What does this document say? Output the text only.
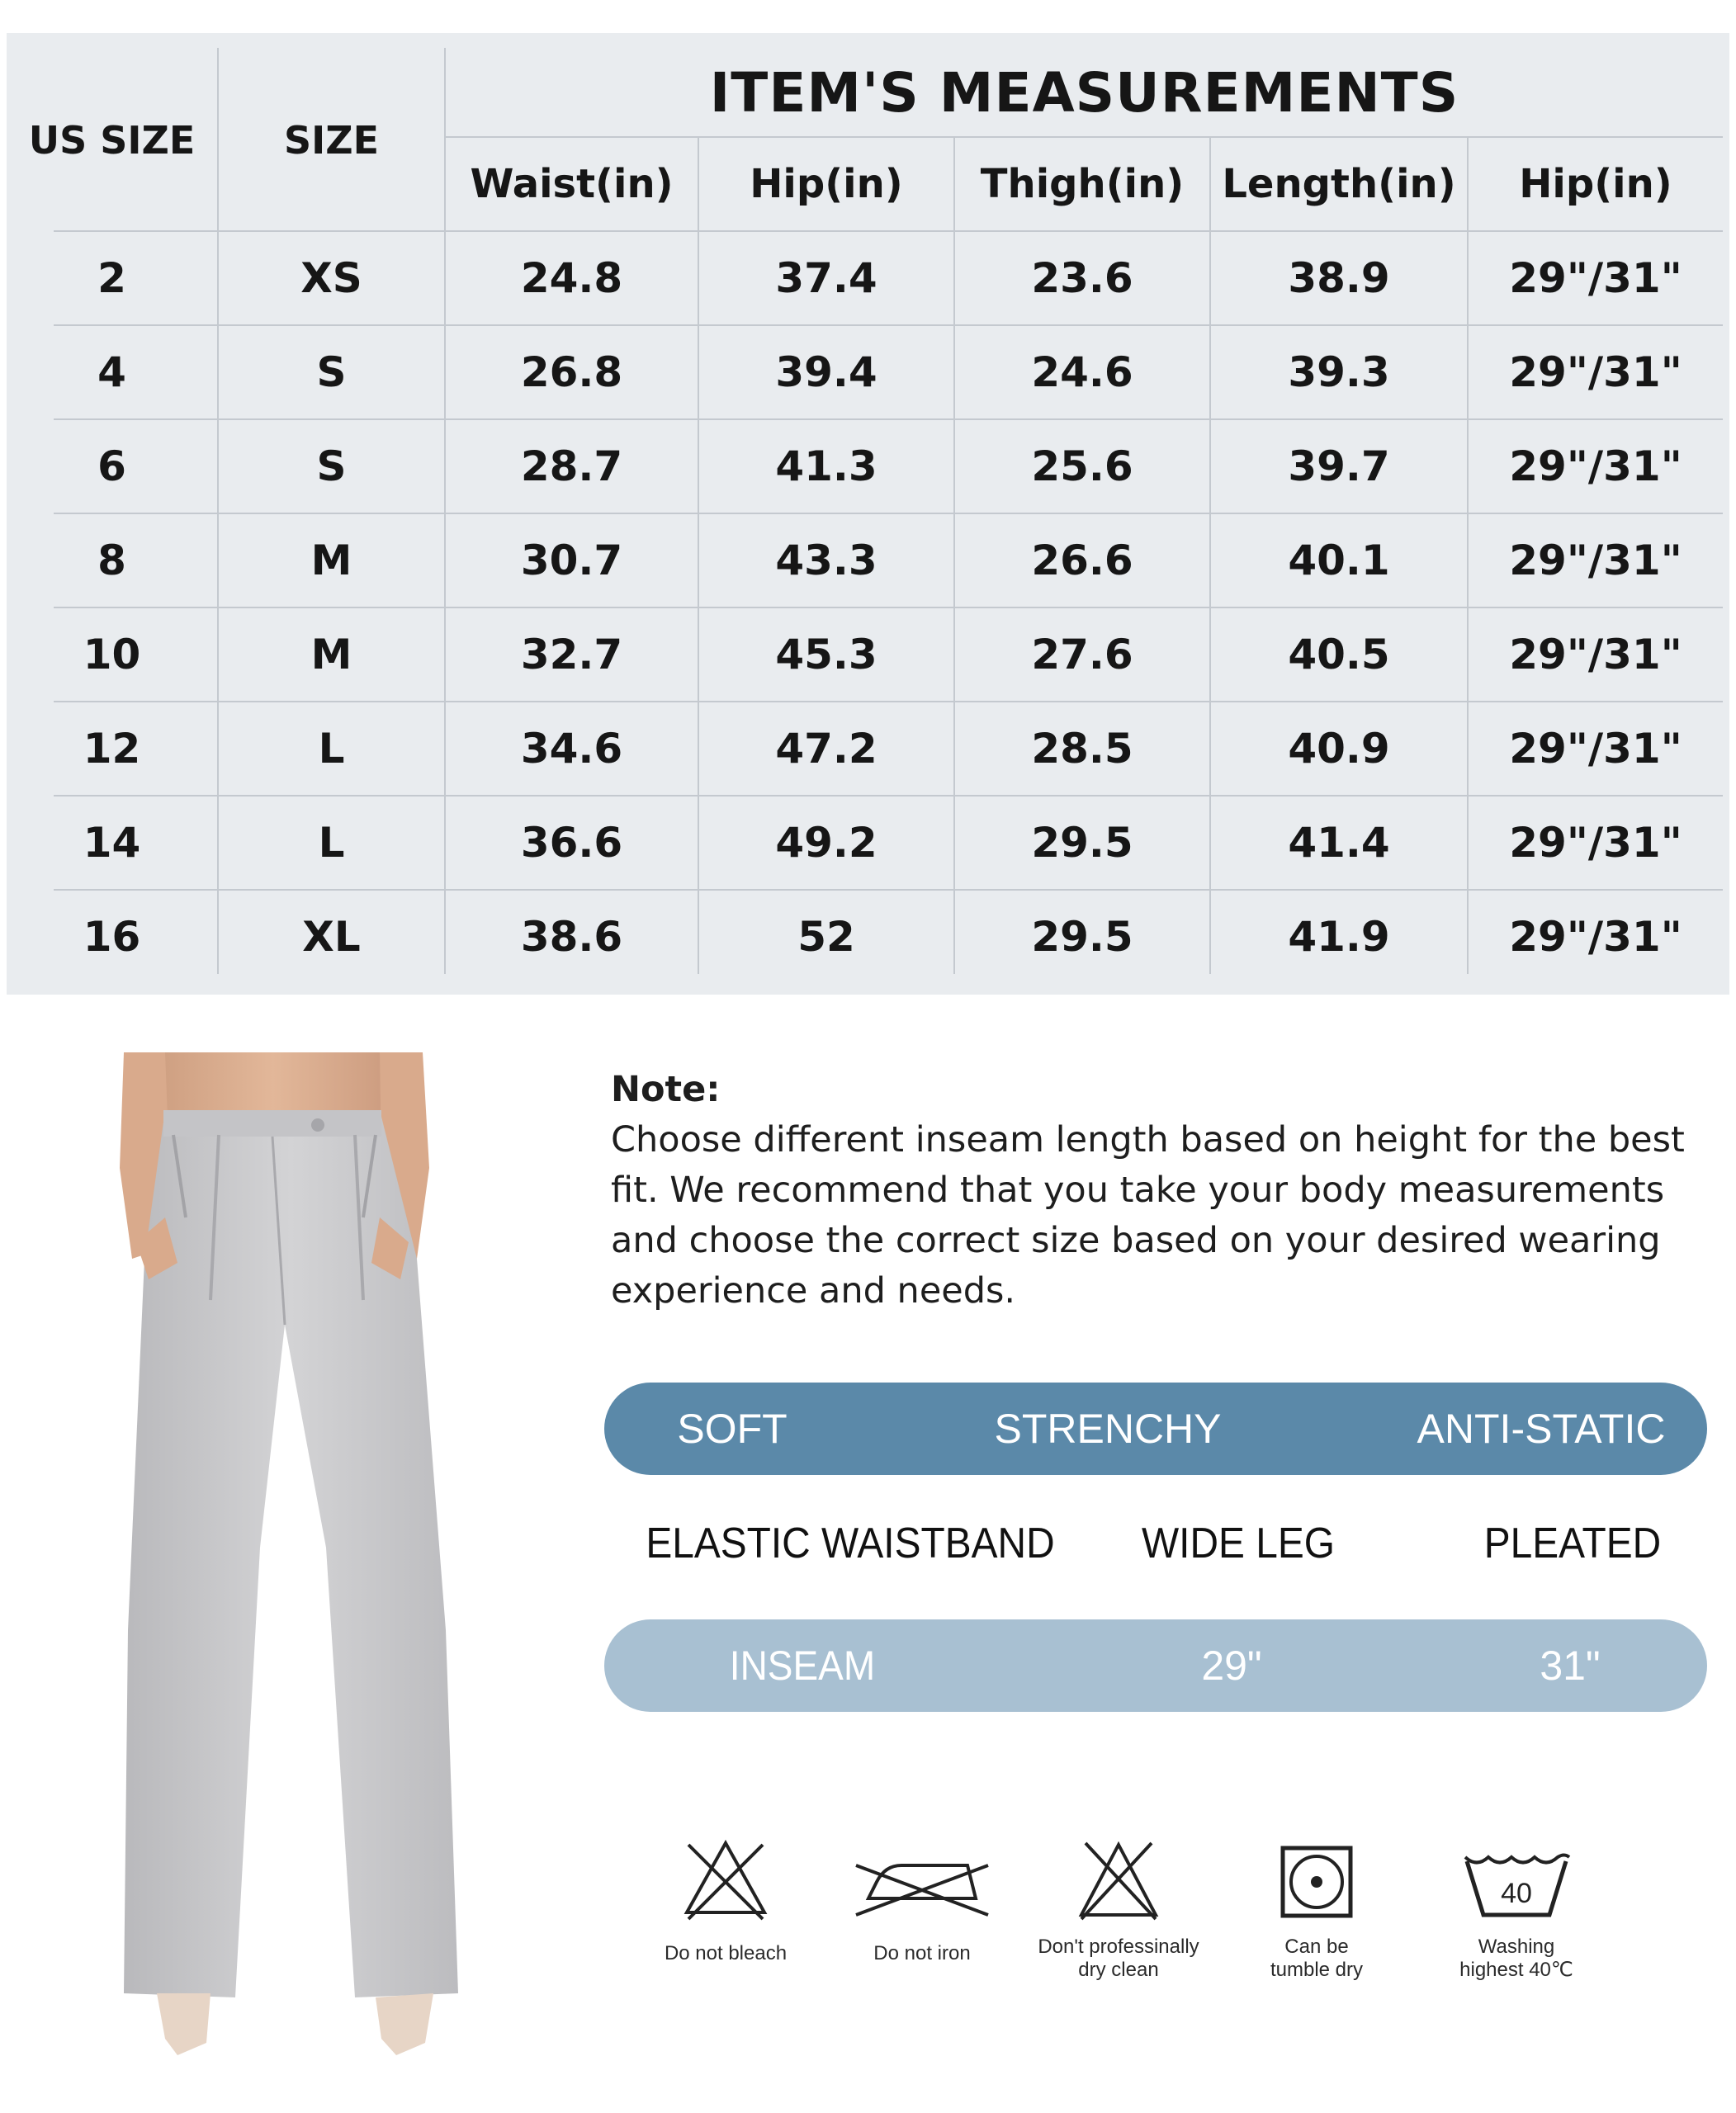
ITEM'S MEASUREMENTS
US SIZE	SIZE
Waist(in)	Hip(in)	Thigh(in) Length(in)	Hip(in)
2	XS	24.8	37.4	23.6	38.9	29"/31"
4	S	26.8	39.4	24.6	39.3	29"/31"
6	S	28.7	41.3	25.6	39.7	29"/31"
8	M	30.7	43.3	26.6	40.1	29"/31"
10	M	32.7	45.3	27.6	40.5	29"/31"
12	L	34.6	47.2	28.5	40.9	29"/31"
14	L	36.6	49.2	29.5	41.4	29"/31"
16	XL	38.6	52	29.5	41.9	29"/31"
Note:
Choose different inseam length based on height for the best fit. We recommend that you take your body measurements and choose the correct size based on your desired wearing experience and needs.
SOFT	STRENCHY	ANTI-STATIC
ELASTIC WAISTBAND	WIDE LEG	PLEATED
INSEAM	29"	31"
Do not bleach	Do not iron	Don't professinally
dry clean
Can be
tumble dry
40
Washing
highest 40℃
